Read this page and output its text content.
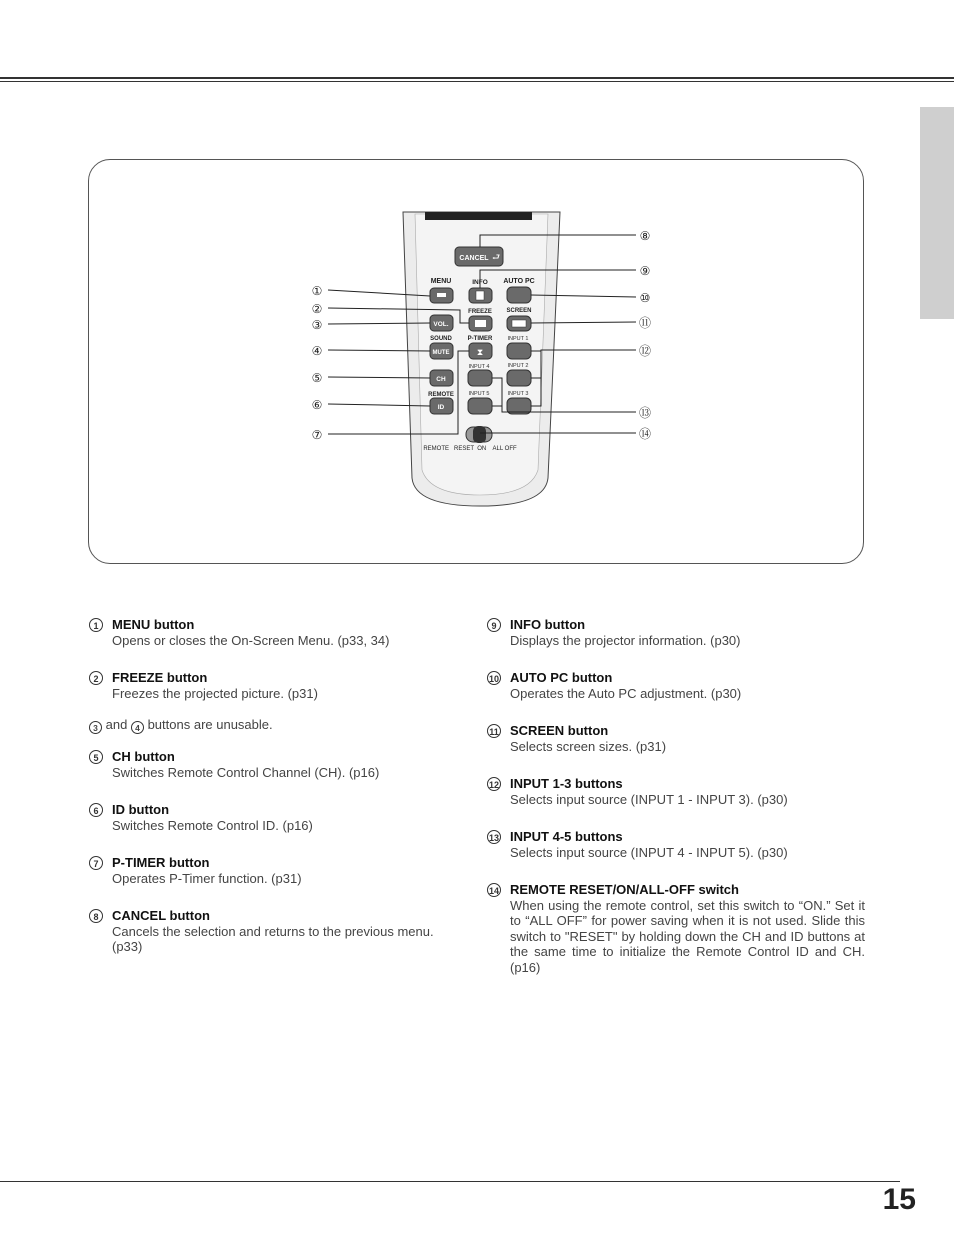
CANCEL ⮐
MENU	INFO AUTO PC
FREEZE SCREEN
VOL.
SOUND	P-TIMER	INPUT 1
MUTE	⧗
INPUT 4	INPUT 2
CH
REMOTE	INPUT 5	INPUT 3
ID
REMOTE   RESET  ON    ALL OFF
①
②
③
④
⑤
⑥
⑦
⑧
⑨
⑩
⑪
⑫
⑬
⑭
1	MENU button
Opens or closes the On-Screen Menu. (p33, 34)
2	FREEZE button
Freezes the projected picture. (p31)
3 and 4 buttons are unusable.
5	CH button
Switches Remote Control Channel (CH). (p16)
6	ID button
Switches Remote Control ID. (p16)
7	P-TIMER button
Operates P-Timer function. (p31)
8	CANCEL button
Cancels the selection and returns to the previous menu. (p33)
9	INFO button
Displays the projector information. (p30)
10 AUTO PC button
Operates the Auto PC adjustment. (p30)
11 SCREEN button
Selects screen sizes. (p31)
12 INPUT 1-3 buttons
Selects input source (INPUT 1 - INPUT 3). (p30)
13 INPUT 4-5 buttons
Selects input source (INPUT 4 - INPUT 5). (p30)
14 REMOTE RESET/ON/ALL-OFF switch
When using the remote control, set this switch to “ON.” Set it to “ALL OFF” for power saving when it is not used. Slide this switch to "RESET" by holding down the CH and ID buttons at the same time to initialize the Remote Control ID and CH. (p16)
15
